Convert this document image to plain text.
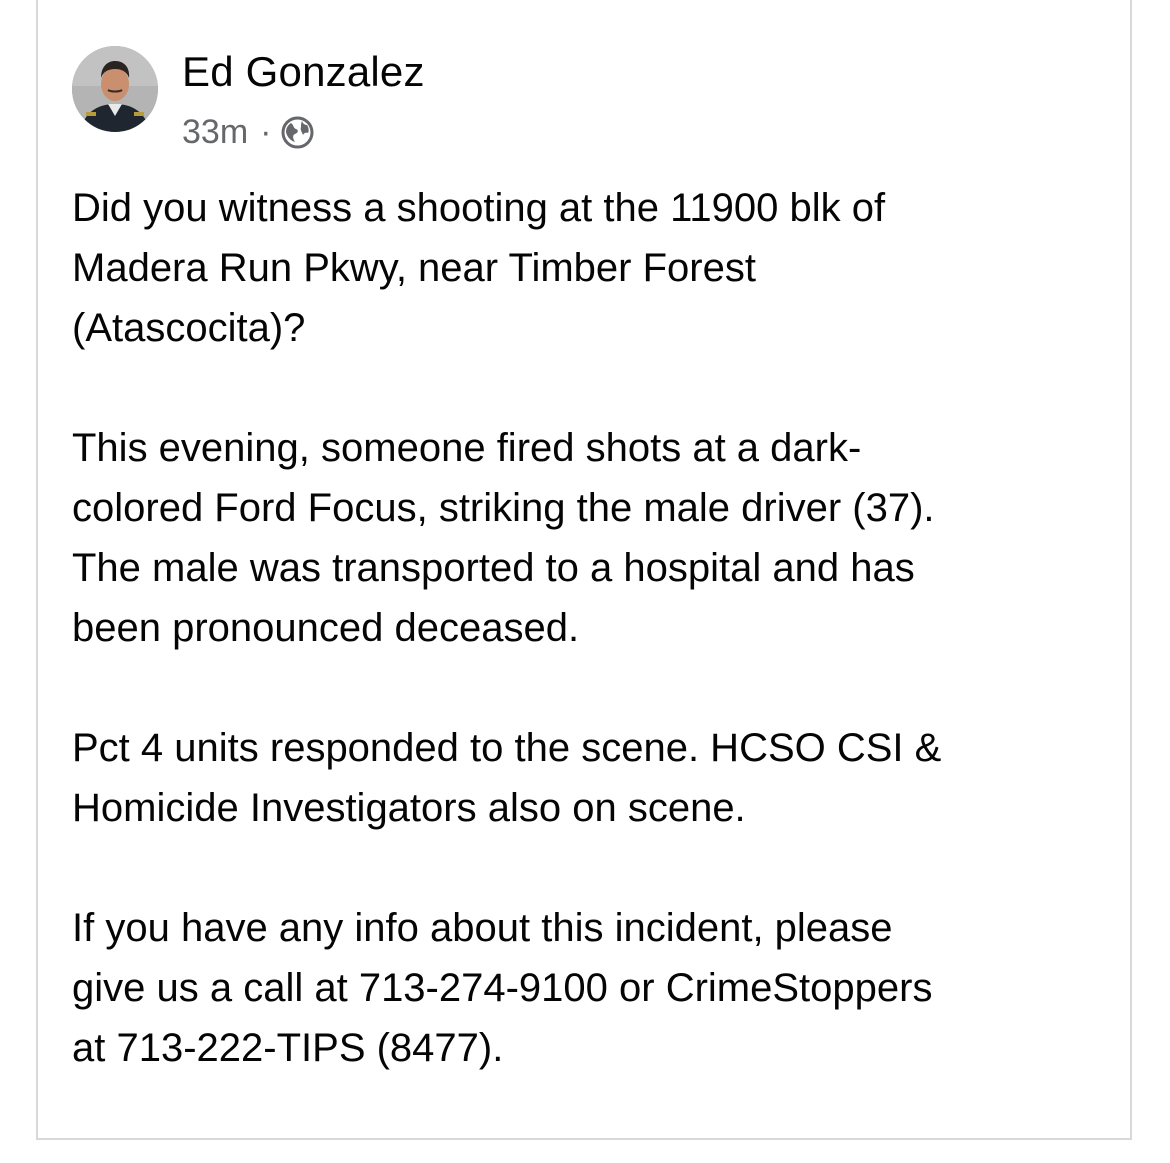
Ed Gonzalez
33m ·

Did you witness a shooting at the 11900 blk of
Madera Run Pkwy, near Timber Forest
(Atascocita)?

This evening, someone fired shots at a dark-
colored Ford Focus, striking the male driver (37).
The male was transported to a hospital and has
been pronounced deceased.

Pct 4 units responded to the scene. HCSO CSI &
Homicide Investigators also on scene.

If you have any info about this incident, please
give us a call at 713-274-9100 or CrimeStoppers
at 713-222-TIPS (8477).
